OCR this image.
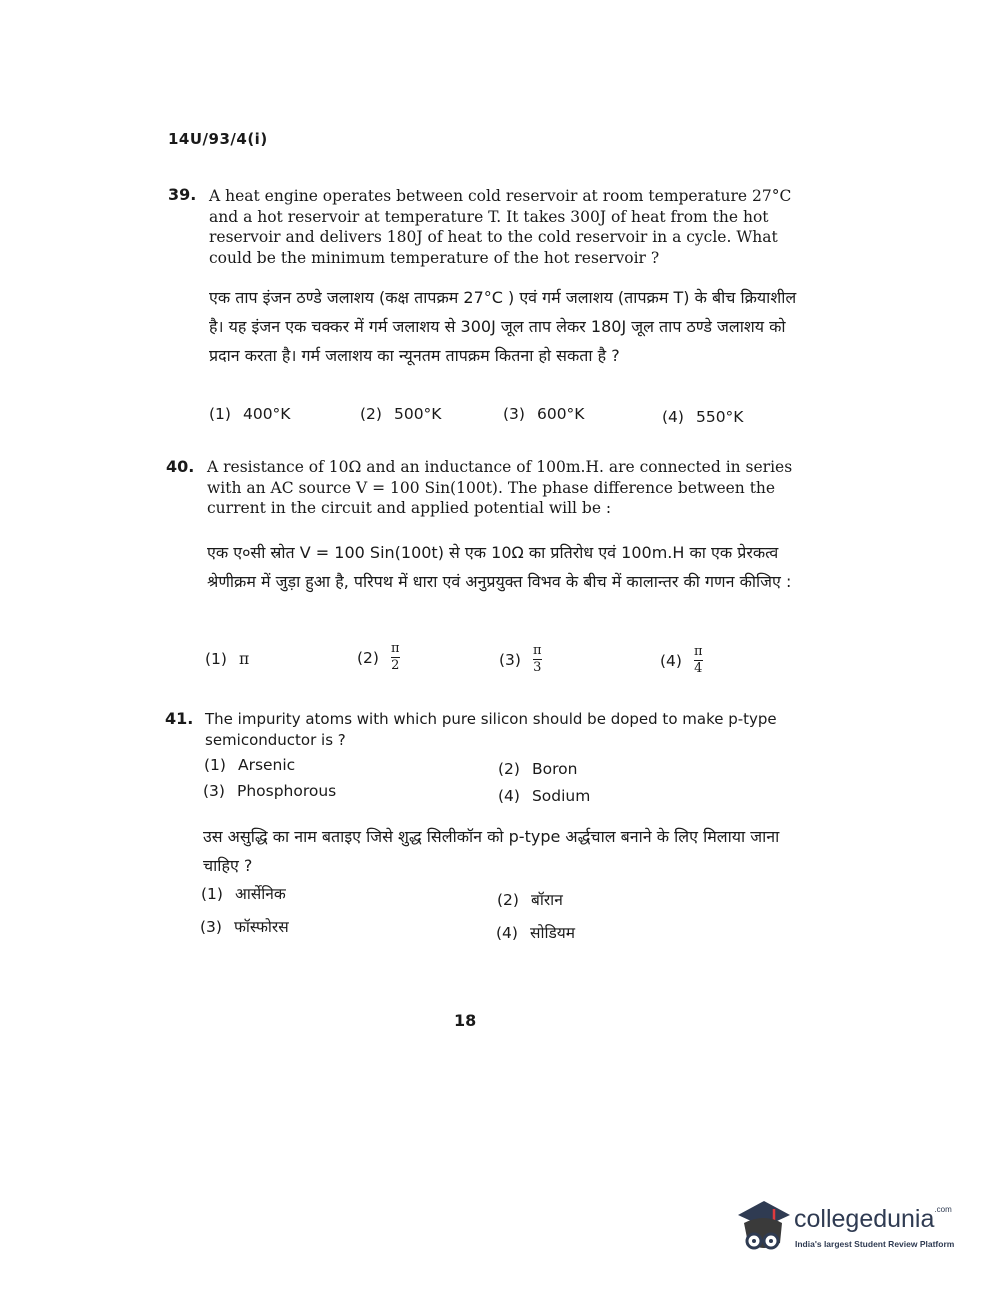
14U/93/4(i)
39. A heat engine operates between cold reservoir at room temperature 27°C and a hot reservoir at temperature T. It takes 300J of heat from the hot reservoir and delivers 180J of heat to the cold reservoir in a cycle. What could be the minimum temperature of the hot reservoir ?
एक ताप इंजन ठण्डे जलाशय (कक्ष तापक्रम 27°C ) एवं गर्म जलाशय (तापक्रम T) के बीच क्रियाशील है। यह इंजन एक चक्कर में गर्म जलाशय से 300J जूल ताप लेकर 180J जूल ताप ठण्डे जलाशय को प्रदान करता है। गर्म जलाशय का न्यूनतम तापक्रम कितना हो सकता है ?
(1) 400°K	(2) 500°K	(3) 600°K	(4) 550°K
40. A resistance of 10Ω and an inductance of 100m.H. are connected in series with an AC source V = 100 Sin(100t). The phase difference between the current in the circuit and applied potential will be :
एक ए०सी स्रोत V = 100 Sin(100t) से एक 10Ω का प्रतिरोध एवं 100m.H का एक प्रेरकत्व श्रेणीक्रम में जुड़ा हुआ है, परिपथ में धारा एवं अनुप्रयुक्त विभव के बीच में कालान्तर की गणन कीजिए :
(1) π	$(2) \frac{\pi}{2}$	$(3) \frac{\pi}{3}$	$(4) \frac{\pi}{4}$
41. The impurity atoms with which pure silicon should be doped to make p-type semiconductor is ?
(1) Arsenic	(2) Boron
(3) Phosphorous	(4) Sodium
उस असुद्धि का नाम बताइए जिसे शुद्ध सिलीकॉन को p-type अर्द्धचाल बनाने के लिए मिलाया जाना चाहिए ?
(1) आर्सेनिक	(2) बॉरान
(3) फॉस्फोरस	(4) सोडियम
18
collegedunia$^{.com}$
India's largest Student Review Platform
